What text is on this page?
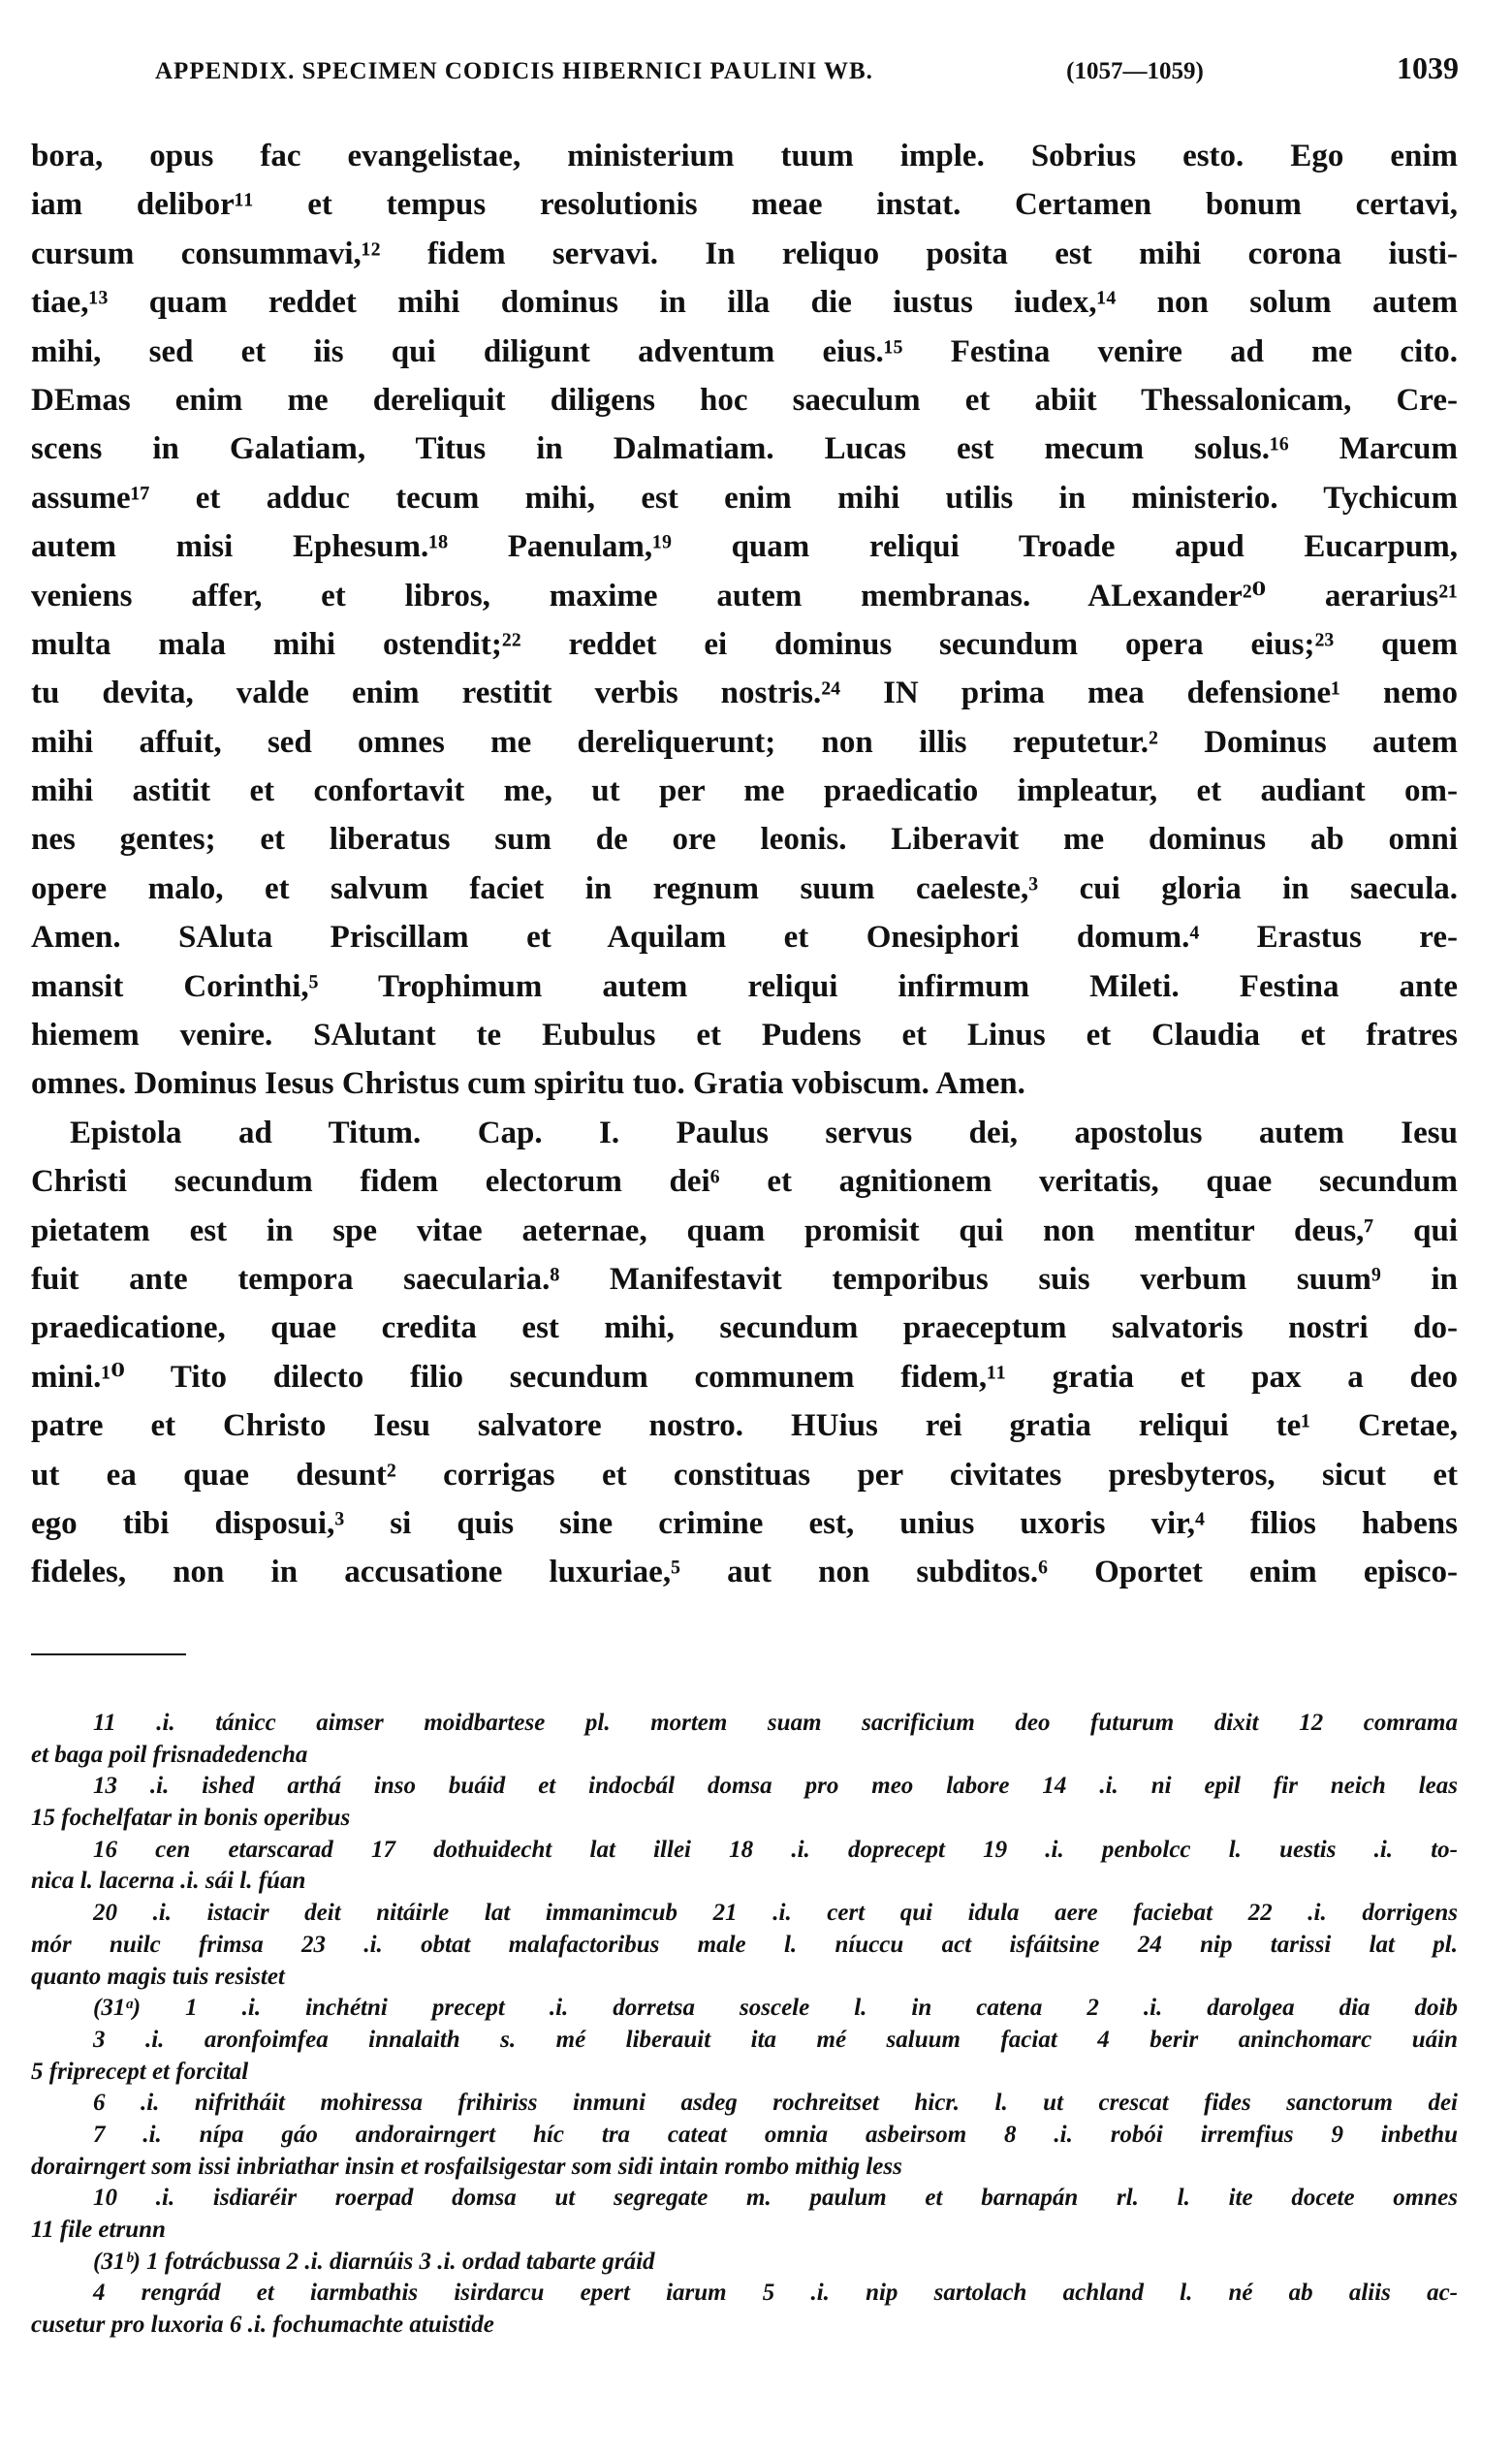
APPENDIX. SPECIMEN CODICIS HIBERNICI PAULINI WB.	(1057—1059)	1039
bora, opus fac evangelistae, ministerium tuum imple. Sobrius esto. Ego enim
iam delibor¹¹ et tempus resolutionis meae instat. Certamen bonum certavi,
cursum consummavi,¹² fidem servavi. In reliquo posita est mihi corona iusti-
tiae,¹³ quam reddet mihi dominus in illa die iustus iudex,¹⁴ non solum autem
mihi, sed et iis qui diligunt adventum eius.¹⁵ Festina venire ad me cito.
DEmas enim me dereliquit diligens hoc saeculum et abiit Thessalonicam, Cre-
scens in Galatiam, Titus in Dalmatiam. Lucas est mecum solus.¹⁶ Marcum
assume¹⁷ et adduc tecum mihi, est enim mihi utilis in ministerio. Tychicum
autem misi Ephesum.¹⁸ Paenulam,¹⁹ quam reliqui Troade apud Eucarpum,
veniens affer, et libros, maxime autem membranas. ALexander²⁰ aerarius²¹
multa mala mihi ostendit;²² reddet ei dominus secundum opera eius;²³ quem
tu devita, valde enim restitit verbis nostris.²⁴ IN prima mea defensione¹ nemo
mihi affuit, sed omnes me dereliquerunt; non illis reputetur.² Dominus autem
mihi astitit et confortavit me, ut per me praedicatio impleatur, et audiant om-
nes gentes; et liberatus sum de ore leonis. Liberavit me dominus ab omni
opere malo, et salvum faciet in regnum suum caeleste,³ cui gloria in saecula.
Amen. SAluta Priscillam et Aquilam et Onesiphori domum.⁴ Erastus re-
mansit Corinthi,⁵ Trophimum autem reliqui infirmum Mileti. Festina ante
hiemem venire. SAlutant te Eubulus et Pudens et Linus et Claudia et fratres
omnes. Dominus Iesus Christus cum spiritu tuo. Gratia vobiscum. Amen.
Epistola ad Titum. Cap. I. Paulus servus dei, apostolus autem Iesu
Christi secundum fidem electorum dei⁶ et agnitionem veritatis, quae secundum
pietatem est in spe vitae aeternae, quam promisit qui non mentitur deus,⁷ qui
fuit ante tempora saecularia.⁸ Manifestavit temporibus suis verbum suum⁹ in
praedicatione, quae credita est mihi, secundum praeceptum salvatoris nostri do-
mini.¹⁰ Tito dilecto filio secundum communem fidem,¹¹ gratia et pax a deo
patre et Christo Iesu salvatore nostro. HUius rei gratia reliqui te¹ Cretae,
ut ea quae desunt² corrigas et constituas per civitates presbyteros, sicut et
ego tibi disposui,³ si quis sine crimine est, unius uxoris vir,⁴ filios habens
fideles, non in accusatione luxuriae,⁵ aut non subditos.⁶ Oportet enim episco-
11 .i. tánicc aimser moidbartese pl. mortem suam sacrificium deo futurum dixit 12 comrama
et baga poil frisnadedencha
13 .i. ished arthá inso buáid et indocbál domsa pro meo labore 14 .i. ni epil fir neich leas
15 fochelfatar in bonis operibus
16 cen etarscarad 17 dothuidecht lat illei 18 .i. doprecept 19 .i. penbolcc l. uestis .i. to-
nica l. lacerna .i. sái l. fúan
20 .i. istacir deit nitáirle lat immanimcub 21 .i. cert qui idula aere faciebat 22 .i. dorrigens
mór nuilc frimsa 23 .i. obtat malafactoribus male l. níuccu act isfáitsine 24 nip tarissi lat pl.
quanto magis tuis resistet
(31ᵃ) 1 .i. inchétni precept .i. dorretsa soscele l. in catena 2 .i. darolgea dia doib
3 .i. aronfoimfea innalaith s. mé liberauit ita mé saluum faciat 4 berir aninchomarc uáin
5 friprecept et forcital
6 .i. nifritháit mohiressa frihiriss inmuni asdeg rochreitset hicr. l. ut crescat fides sanctorum dei
7 .i. nípa gáo andorairngert híc tra cateat omnia asbeirsom 8 .i. robói irremfius 9 inbethu
dorairngert som issi inbriathar insin et rosfailsigestar som sidi intain rombo mithig less
10 .i. isdiaréir roerpad domsa ut segregate m. paulum et barnapán rl. l. ite docete omnes
11 file etrunn
(31ᵇ) 1 fotrácbussa 2 .i. diarnúis 3 .i. ordad tabarte gráid
4 rengrád et iarmbathis isirdarcu epert iarum 5 .i. nip sartolach achland l. né ab aliis ac-
cusetur pro luxoria 6 .i. fochumachte atuistide
